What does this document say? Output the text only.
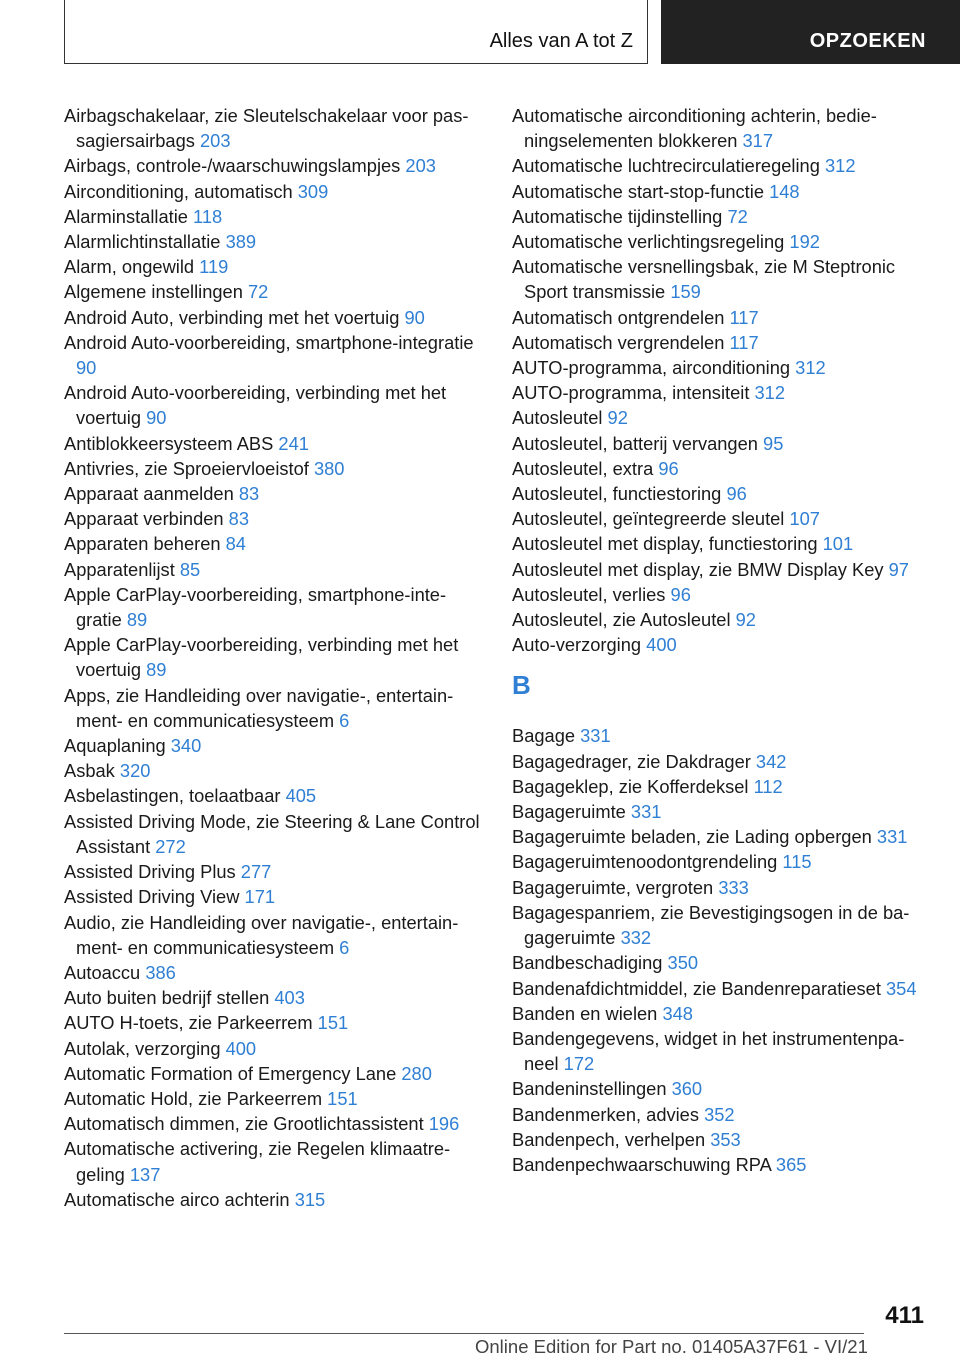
Alles van A tot Z	OPZOEKEN
Airbagschakelaar, zie Sleutelschakelaar voor passagiersairbags 203
Airbags, controle-/waarschuwingslampjes 203
Airconditioning, automatisch 309
Alarminstallatie 118
Alarmlichtinstallatie 389
Alarm, ongewild 119
Algemene instellingen 72
Android Auto, verbinding met het voertuig 90
Android Auto-voorbereiding, smartphone-integratie 90
Android Auto-voorbereiding, verbinding met het voertuig 90
Antiblokkeersysteem ABS 241
Antivries, zie Sproeiervloeistof 380
Apparaat aanmelden 83
Apparaat verbinden 83
Apparaten beheren 84
Apparatenlijst 85
Apple CarPlay-voorbereiding, smartphone-integratie 89
Apple CarPlay-voorbereiding, verbinding met het voertuig 89
Apps, zie Handleiding over navigatie-, entertainment- en communicatiesysteem 6
Aquaplaning 340
Asbak 320
Asbelastingen, toelaatbaar 405
Assisted Driving Mode, zie Steering & Lane Control Assistant 272
Assisted Driving Plus 277
Assisted Driving View 171
Audio, zie Handleiding over navigatie-, entertainment- en communicatiesysteem 6
Autoaccu 386
Auto buiten bedrijf stellen 403
AUTO H-toets, zie Parkeerrem 151
Autolak, verzorging 400
Automatic Formation of Emergency Lane 280
Automatic Hold, zie Parkeerrem 151
Automatisch dimmen, zie Grootlichtassistent 196
Automatische activering, zie Regelen klimaatregeling 137
Automatische airco achterin 315
Automatische airconditioning achterin, bedieningselementen blokkeren 317
Automatische luchtrecirculatieregeling 312
Automatische start-stop-functie 148
Automatische tijdinstelling 72
Automatische verlichtingsregeling 192
Automatische versnellingsbak, zie M Steptronic Sport transmissie 159
Automatisch ontgrendelen 117
Automatisch vergrendelen 117
AUTO-programma, airconditioning 312
AUTO-programma, intensiteit 312
Autosleutel 92
Autosleutel, batterij vervangen 95
Autosleutel, extra 96
Autosleutel, functiestoring 96
Autosleutel, geïntegreerde sleutel 107
Autosleutel met display, functiestoring 101
Autosleutel met display, zie BMW Display Key 97
Autosleutel, verlies 96
Autosleutel, zie Autosleutel 92
Auto-verzorging 400
B
Bagage 331
Bagagedrager, zie Dakdrager 342
Bagageklep, zie Kofferdeksel 112
Bagageruimte 331
Bagageruimte beladen, zie Lading opbergen 331
Bagageruimtenoodontgrendeling 115
Bagageruimte, vergroten 333
Bagagespanriem, zie Bevestigingsogen in de bagageruimte 332
Bandbeschadiging 350
Bandenafdichtmiddel, zie Bandenreparatieset 354
Banden en wielen 348
Bandengegevens, widget in het instrumentenpaneel 172
Bandeninstellingen 360
Bandenmerken, advies 352
Bandenpech, verhelpen 353
Bandenpechwaarschuwing RPA 365
411
Online Edition for Part no. 01405A37F61 - VI/21
